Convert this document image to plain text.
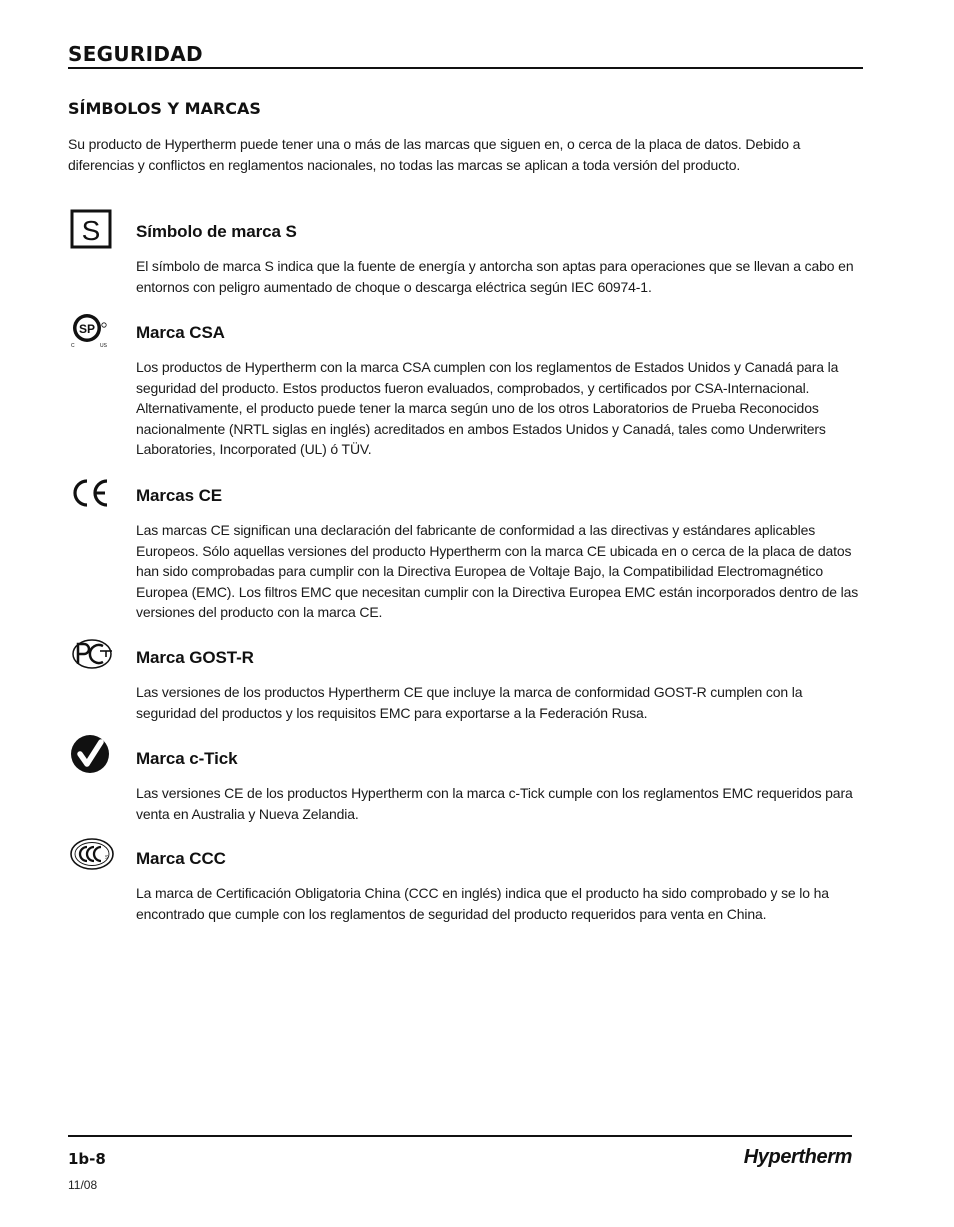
SEGURIDAD
SÍMBOLOS Y MARCAS
Su producto de Hypertherm puede tener una o más de las marcas que siguen en, o cerca de la placa de datos. Debido a diferencias y conflictos en reglamentos nacionales, no todas las marcas se aplican a toda versión del producto.
S Símbolo de marca S
El símbolo de marca S indica que la fuente de energía y antorcha son aptas para operaciones que se llevan a cabo en entornos con peligro aumentado de choque o descarga eléctrica según IEC 60974-1.
SP
C	US
Marca CSA
Los productos de Hypertherm con la marca CSA cumplen con los reglamentos de Estados Unidos y Canadá para la seguridad del producto. Estos productos fueron evaluados, comprobados, y certificados por CSA-Internacional. Alternativamente, el producto puede tener la marca según uno de los otros Laboratorios de Prueba Reconocidos nacionalmente (NRTL siglas en inglés) acreditados en ambos Estados Unidos y Canadá, tales como Underwriters Laboratories, Incorporated (UL) ó TÜV.
Marcas CE
Las marcas CE significan una declaración del fabricante de conformidad a las directivas y estándares aplicables Europeos. Sólo aquellas versiones del producto Hypertherm con la marca CE ubicada en o cerca de la placa de datos han sido comprobadas para cumplir con la Directiva Europea de Voltaje Bajo, la Compatibilidad Electromagnético Europea (EMC). Los filtros EMC que necesitan cumplir con la Directiva Europea EMC están incorporados dentro de las versiones del producto con la marca CE.
Marca GOST-R
Las versiones de los productos Hypertherm CE que incluye la marca de conformidad GOST-R cumplen con la seguridad del productos y los requisitos EMC para exportarse a la Federación Rusa.
Marca c-Tick
Las versiones CE de los productos Hypertherm con la marca c-Tick cumple con los reglamentos EMC requeridos para venta en Australia y Nueva Zelandia.
S Marca CCC
La marca de Certificación Obligatoria China (CCC en inglés) indica que el producto ha sido comprobado y se lo ha encontrado que cumple con los reglamentos de seguridad del producto requeridos para venta en China.
1b-8
11/08
Hypertherm
